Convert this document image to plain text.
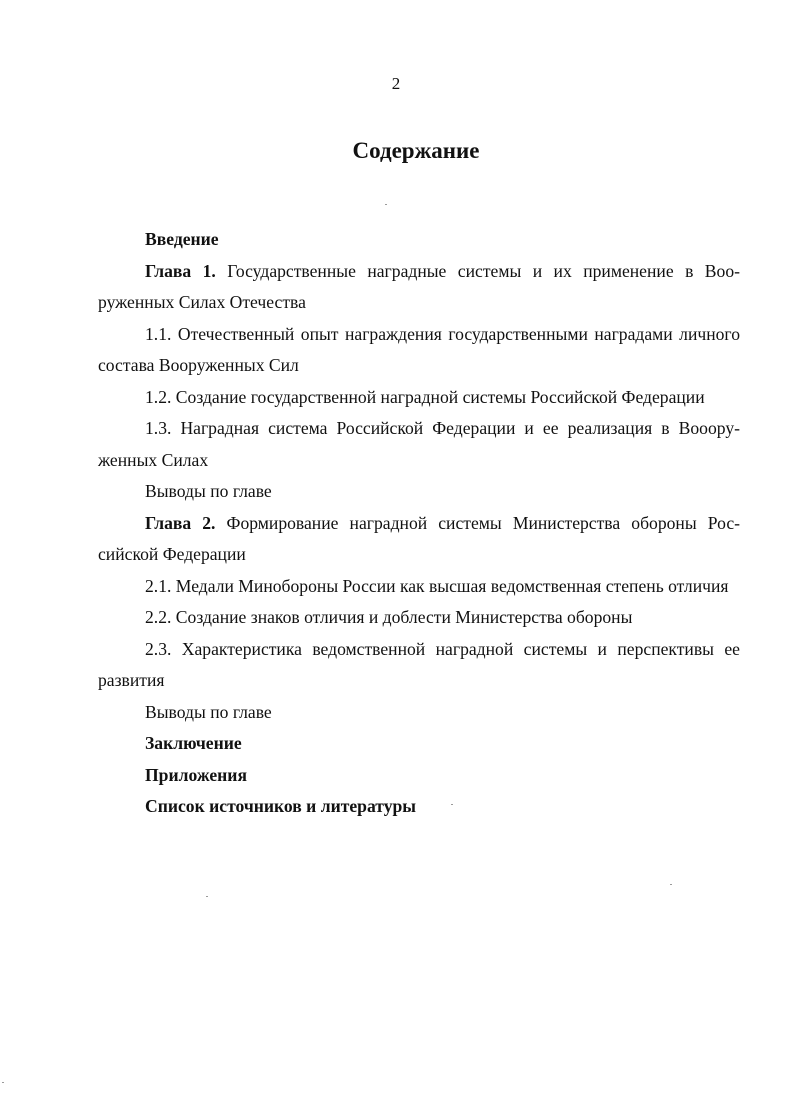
2
Содержание

Введение

Глава 1. Государственные наградные системы и их применение в Вооруженных Силах Отечества

1.1. Отечественный опыт награждения государственными наградами личного состава Вооруженных Сил

1.2. Создание государственной наградной системы Российской Федерации

1.3. Наградная система Российской Федерации и ее реализация в Воооруженных Силах

Выводы по главе

Глава 2. Формирование наградной системы Министерства обороны Российской Федерации

2.1. Медали Минобороны России как высшая ведомственная степень отличия

2.2. Создание знаков отличия и доблести Министерства обороны

2.3. Характеристика ведомственной наградной системы и перспективы ее развития

Выводы по главе

Заключение

Приложения

Список источников и литературы
